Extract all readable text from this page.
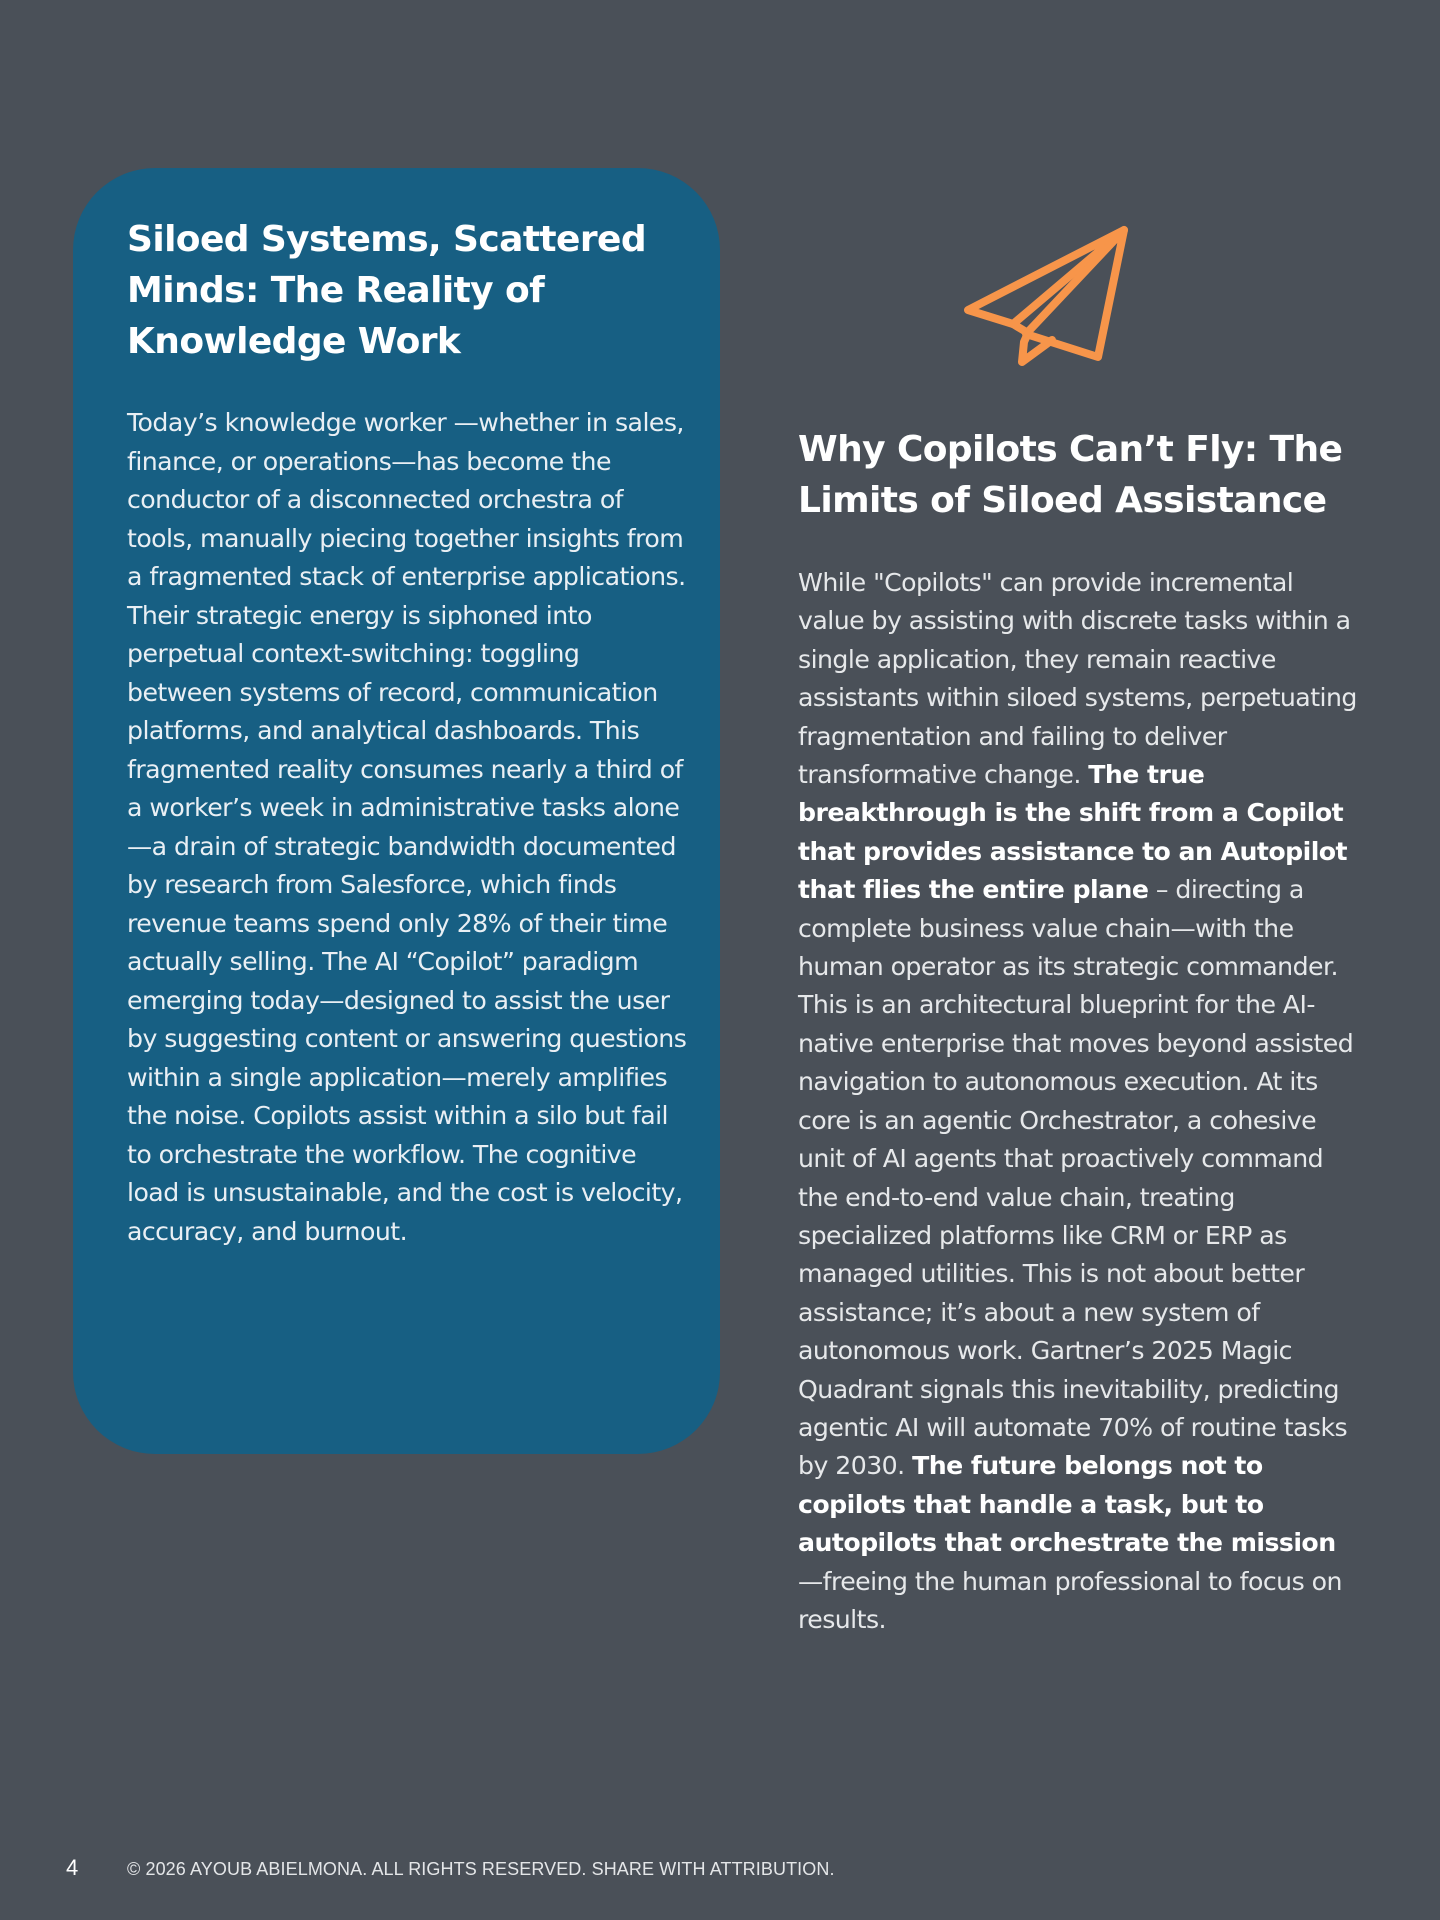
Siloed Systems, Scattered Minds: The Reality of Knowledge Work

Today’s knowledge worker —whether in sales, finance, or operations—has become the conductor of a disconnected orchestra of tools, manually piecing together insights from a fragmented stack of enterprise applications. Their strategic energy is siphoned into perpetual context-switching: toggling between systems of record, communication platforms, and analytical dashboards. This fragmented reality consumes nearly a third of a worker’s week in administrative tasks alone—a drain of strategic bandwidth documented by research from Salesforce, which finds revenue teams spend only 28% of their time actually selling. The AI “Copilot” paradigm emerging today—designed to assist the user by suggesting content or answering questions within a single application—merely amplifies the noise. Copilots assist within a silo but fail to orchestrate the workflow. The cognitive load is unsustainable, and the cost is velocity, accuracy, and burnout.

Why Copilots Can’t Fly: The Limits of Siloed Assistance

While "Copilots" can provide incremental value by assisting with discrete tasks within a single application, they remain reactive assistants within siloed systems, perpetuating fragmentation and failing to deliver transformative change. The true breakthrough is the shift from a Copilot that provides assistance to an Autopilot that flies the entire plane – directing a complete business value chain—with the human operator as its strategic commander. This is an architectural blueprint for the AI-native enterprise that moves beyond assisted navigation to autonomous execution. At its core is an agentic Orchestrator, a cohesive unit of AI agents that proactively command the end-to-end value chain, treating specialized platforms like CRM or ERP as managed utilities. This is not about better assistance; it’s about a new system of autonomous work. Gartner’s 2025 Magic Quadrant signals this inevitability, predicting agentic AI will automate 70% of routine tasks by 2030. The future belongs not to copilots that handle a task, but to autopilots that orchestrate the mission—freeing the human professional to focus on results.

4	© 2026 AYOUB ABIELMONA. ALL RIGHTS RESERVED. SHARE WITH ATTRIBUTION.
